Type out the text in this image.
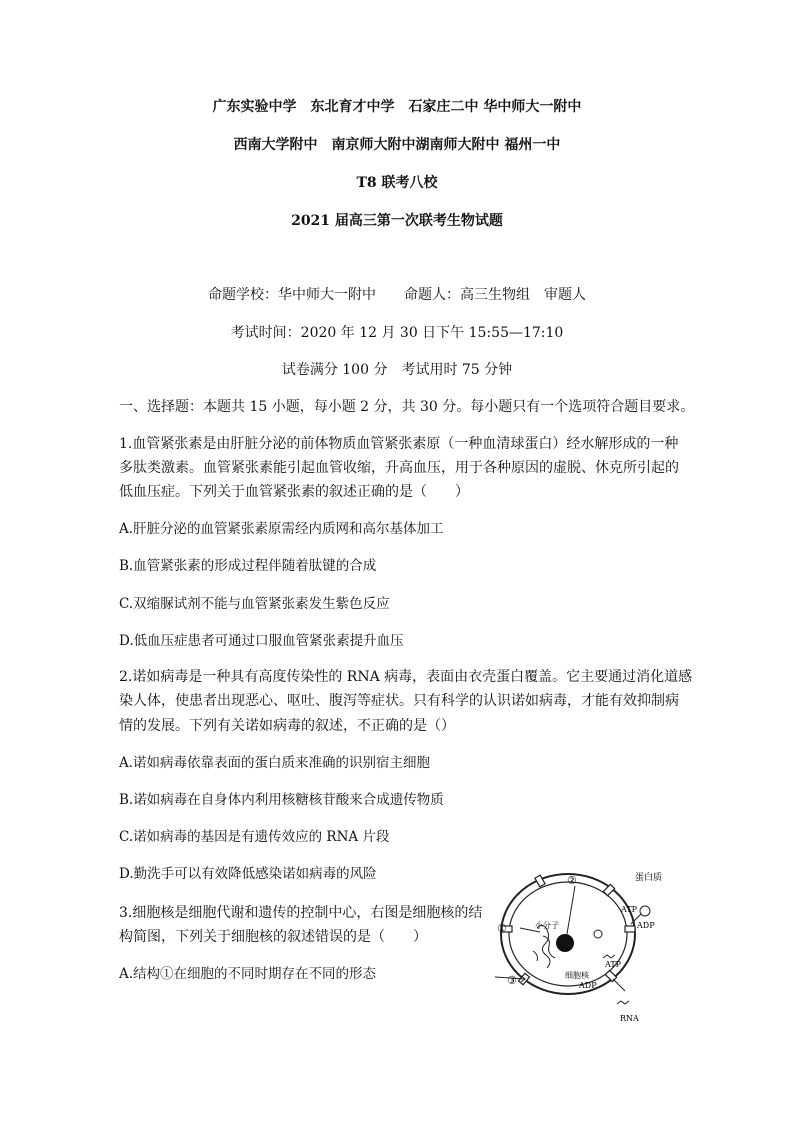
广东实验中学　东北育才中学　石家庄二中 华中师大一附中
西南大学附中　南京师大附中湖南师大附中 福州一中
T8 联考八校
2021 届高三第一次联考生物试题
命题学校：华中师大一附中　　命题人：高三生物组　审题人
考试时间：2020 年 12 月 30 日下午 15:55—17:10
试卷满分 100 分　考试用时 75 分钟
一、选择题：本题共 15 小题，每小题 2 分，共 30 分。每小题只有一个选项符合题目要求。
1.血管紧张素是由肝脏分泌的前体物质血管紧张素原（一种血清球蛋白）经水解形成的一种
多肽类激素。血管紧张素能引起血管收缩，升高血压，用于各种原因的虚脱、休克所引起的
低血压症。下列关于血管紧张素的叙述正确的是（　　）
A.肝脏分泌的血管紧张素原需经内质网和高尔基体加工
B.血管紧张素的形成过程伴随着肽键的合成
C.双缩脲试剂不能与血管紧张素发生紫色反应
D.低血压症患者可通过口服血管紧张素提升血压
2.诺如病毒是一种具有高度传染性的 RNA 病毒，表面由衣壳蛋白覆盖。它主要通过消化道感
染人体，使患者出现恶心、呕吐、腹泻等症状。只有科学的认识诺如病毒，才能有效抑制病
情的发展。下列有关诺如病毒的叙述，不正确的是（）
A.诺如病毒依靠表面的蛋白质来准确的识别宿主细胞
B.诺如病毒在自身体内利用核糖核苷酸来合成遗传物质
C.诺如病毒的基因是有遗传效应的 RNA 片段
D.勤洗手可以有效降低感染诺如病毒的风险
3.细胞核是细胞代谢和遗传的控制中心，右图是细胞核的结
构简图，下列关于细胞核的叙述错误的是（　　）
A.结构①在细胞的不同时期存在不同的形态
②
①
③
蛋白质
ATP
ADP
小分子
细胞核
ATP
ADP
RNA
